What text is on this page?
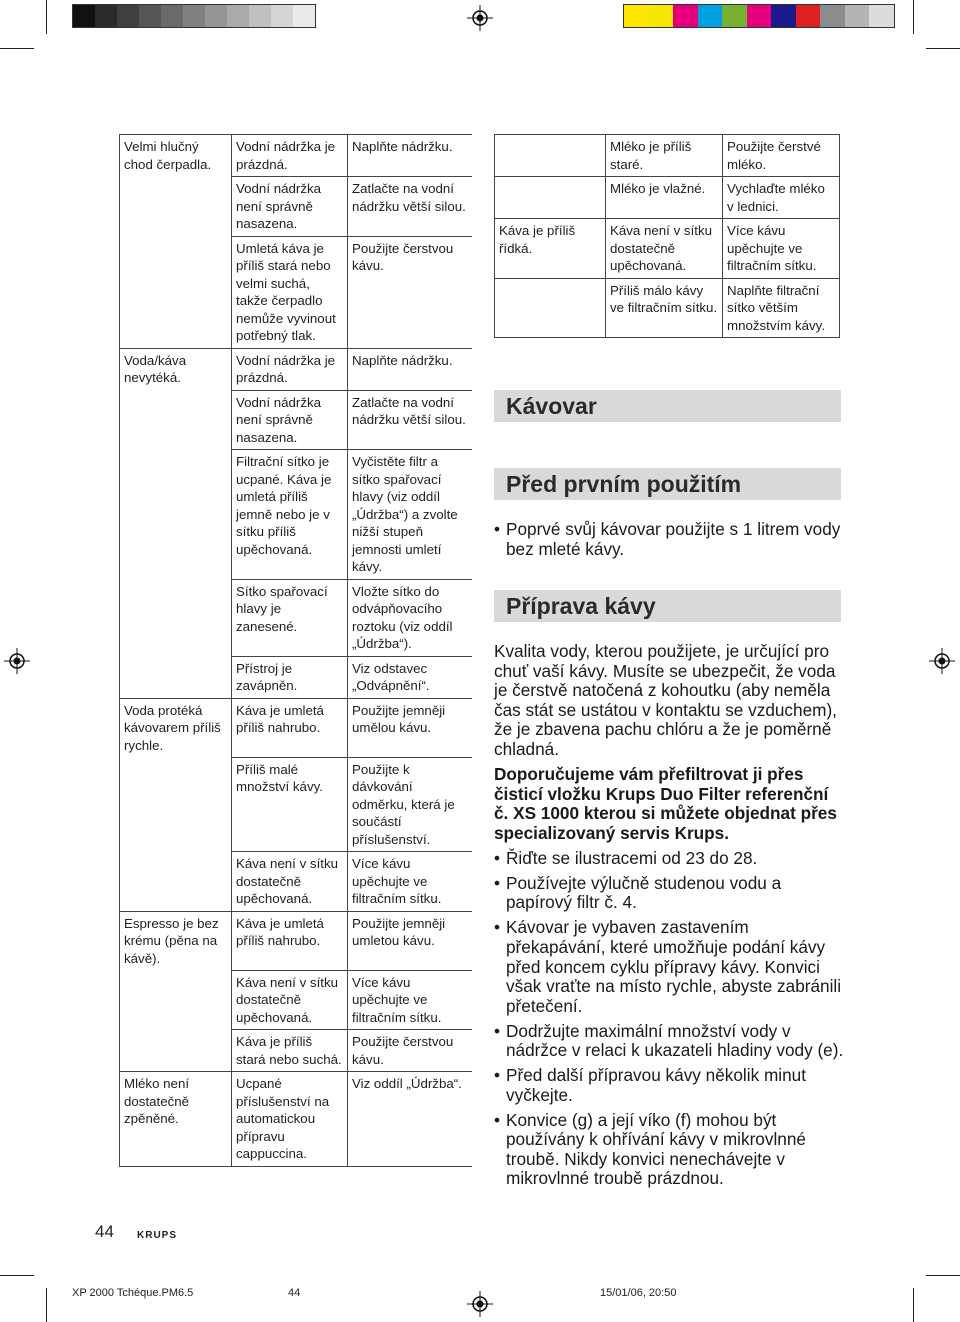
Velmi hlučný chod čerpadla.	Vodní nádržka je prázdná.	Naplňte nádržku.
	Vodní nádržka není správně nasazena.	Zatlačte na vodní nádržku větší silou.
	Umletá káva je příliš stará nebo velmi suchá, takže čerpadlo nemůže vyvinout potřebný tlak.	Použijte čerstvou kávu.
Voda/káva nevytéká.	Vodní nádržka je prázdná.	Naplňte nádržku.
	Vodní nádržka není správně nasazena.	Zatlačte na vodní nádržku větší silou.
	Filtrační sítko je ucpané. Káva je umletá příliš jemně nebo je v sítku příliš upěchovaná.	Vyčistěte filtr a sítko spařovací hlavy (viz oddíl „Údržba“) a zvolte nižší stupeň jemnosti umletí kávy.
	Sítko spařovací hlavy je zanesené.	Vložte sítko do odvápňovacího roztoku (viz oddíl „Údržba“).
	Přístroj je zavápněn.	Viz odstavec „Odvápnění“.
Voda protéká kávovarem příliš rychle.	Káva je umletá příliš nahrubo.	Použijte jemněji umělou kávu.
	Příliš malé množství kávy.	Použijte k dávkování odměrku, která je součástí příslušenství.
	Káva není v sítku dostatečně upěchovaná.	Více kávu upěchujte ve filtračním sítku.
Espresso je bez krému (pěna na kávě).	Káva je umletá příliš nahrubo.	Použijte jemněji umletou kávu.
	Káva není v sítku dostatečně upěchovaná.	Více kávu upěchujte ve filtračním sítku.
	Káva je příliš stará nebo suchá.	Použijte čerstvou kávu.
Mléko není dostatečně zpěněné.	Ucpané příslušenství na automatickou přípravu cappuccina.	Viz oddíl „Údržba“.
	Mléko je příliš staré.	Použijte čerstvé mléko.
	Mléko je vlažné.	Vychlaďte mléko v lednici.
Káva je příliš řídká.	Káva není v sítku dostatečně upěchovaná.	Více kávu upěchujte ve filtračním sítku.
	Příliš málo kávy ve filtračním sítku.	Naplňte filtrační sítko větším množstvím kávy.
Kávovar
Před prvním použitím
• Poprvé svůj kávovar použijte s 1 litrem vody bez mleté kávy.
Příprava kávy
Kvalita vody, kterou použijete, je určující pro chuť vaší kávy. Musíte se ubezpečit, že voda je čerstvě natočená z kohoutku (aby neměla čas stát se ustátou v kontaktu se vzduchem), že je zbavena pachu chlóru a že je poměrně chladná.
Doporučujeme vám přefiltrovat ji přes čisticí vložku Krups Duo Filter referenční č. XS 1000 kterou si můžete objednat přes specializovaný servis Krups.
• Řiďte se ilustracemi od 23 do 28.
• Používejte výlučně studenou vodu a papírový filtr č. 4.
• Kávovar je vybaven zastavením překapávání, které umožňuje podání kávy před koncem cyklu přípravy kávy. Konvici však vraťte na místo rychle, abyste zabránili přetečení.
• Dodržujte maximální množství vody v nádržce v relaci k ukazateli hladiny vody (e).
• Před další přípravou kávy několik minut vyčkejte.
• Konvice (g) a její víko (f) mohou být používány k ohřívání kávy v mikrovlnné troubě. Nikdy konvici nenechávejte v mikrovlnné troubě prázdnou.
44 KRUPS
XP 2000 Tchéque.PM6.5	44	15/01/06, 20:50
